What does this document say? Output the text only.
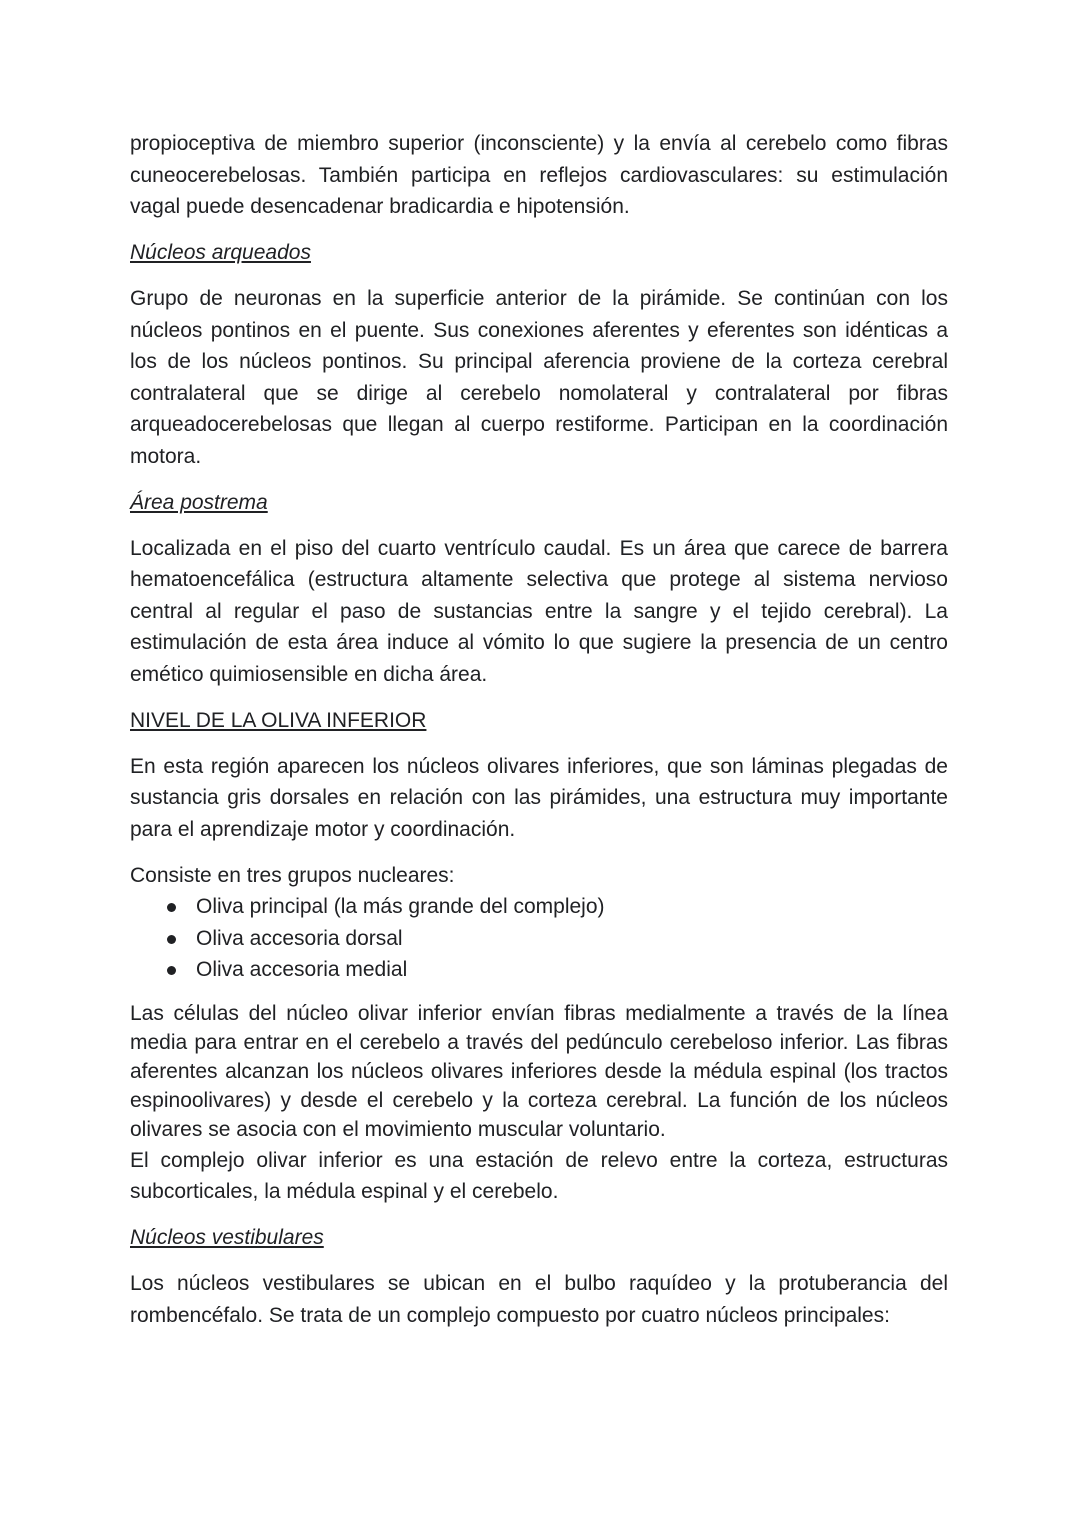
propioceptiva de miembro superior (inconsciente) y la envía al cerebelo como fibras cuneocerebelosas. También participa en reflejos cardiovasculares: su estimulación vagal puede desencadenar bradicardia e hipotensión.

Núcleos arqueados

Grupo de neuronas en la superficie anterior de la pirámide. Se continúan con los núcleos pontinos en el puente. Sus conexiones aferentes y eferentes son idénticas a los de los núcleos pontinos. Su principal aferencia proviene de la corteza cerebral contralateral que se dirige al cerebelo nomolateral y contralateral por fibras arqueadocerebelosas que llegan al cuerpo restiforme. Participan en la coordinación motora.

Área postrema

Localizada en el piso del cuarto ventrículo caudal. Es un área que carece de barrera hematoencefálica (estructura altamente selectiva que protege al sistema nervioso central al regular el paso de sustancias entre la sangre y el tejido cerebral). La estimulación de esta área induce al vómito lo que sugiere la presencia de un centro emético quimiosensible en dicha área.

NIVEL DE LA OLIVA INFERIOR

En esta región aparecen los núcleos olivares inferiores, que son láminas plegadas de sustancia gris dorsales en relación con las pirámides, una estructura muy importante para el aprendizaje motor y coordinación.

Consiste en tres grupos nucleares:

Oliva principal (la más grande del complejo)
Oliva accesoria dorsal
Oliva accesoria medial

Las células del núcleo olivar inferior envían fibras medialmente a través de la línea media para entrar en el cerebelo a través del pedúnculo cerebeloso inferior. Las fibras aferentes alcanzan los núcleos olivares inferiores desde la médula espinal (los tractos espinoolivares) y desde el cerebelo y la corteza cerebral. La función de los núcleos olivares se asocia con el movimiento muscular voluntario.

El complejo olivar inferior es una estación de relevo entre la corteza, estructuras subcorticales, la médula espinal y el cerebelo.

Núcleos vestibulares

Los núcleos vestibulares se ubican en el bulbo raquídeo y la protuberancia del rombencéfalo. Se trata de un complejo compuesto por cuatro núcleos principales:
